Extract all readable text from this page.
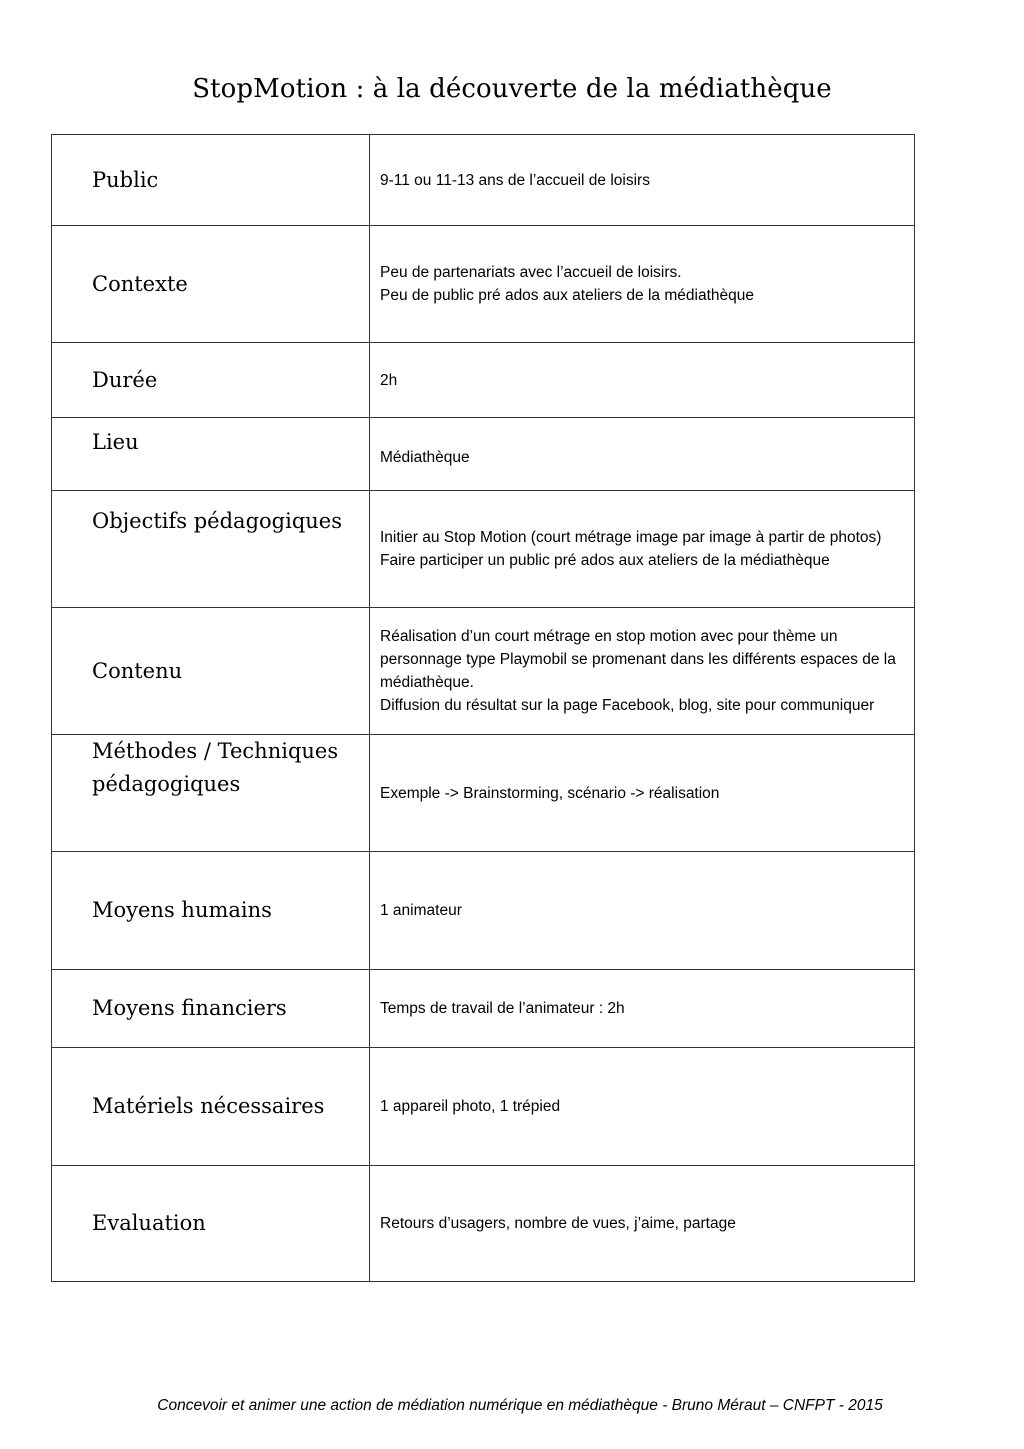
StopMotion : à la découverte de la médiathèque
Public	9-11 ou 11-13 ans de l’accueil de loisirs

Contexte	Peu de partenariats avec l’accueil de loisirs.
Peu de public pré ados aux ateliers de la médiathèque

Durée	2h

Lieu	Médiathèque

Objectifs pédagogiques	Initier au Stop Motion (court métrage image par image à partir de photos)
Faire participer un public pré ados aux ateliers de la médiathèque

Contenu	Réalisation d’un court métrage en stop motion avec pour thème un personnage type Playmobil se promenant dans les différents espaces de la médiathèque.
Diffusion du résultat sur la page Facebook, blog, site pour communiquer

Méthodes / Techniques pédagogiques	Exemple -> Brainstorming, scénario -> réalisation

Moyens humains	1 animateur

Moyens financiers	Temps de travail de l’animateur : 2h

Matériels nécessaires	1 appareil photo, 1 trépied

Evaluation	Retours d’usagers, nombre de vues, j’aime, partage
Concevoir et animer une action de médiation numérique en médiathèque - Bruno Méraut – CNFPT - 2015
